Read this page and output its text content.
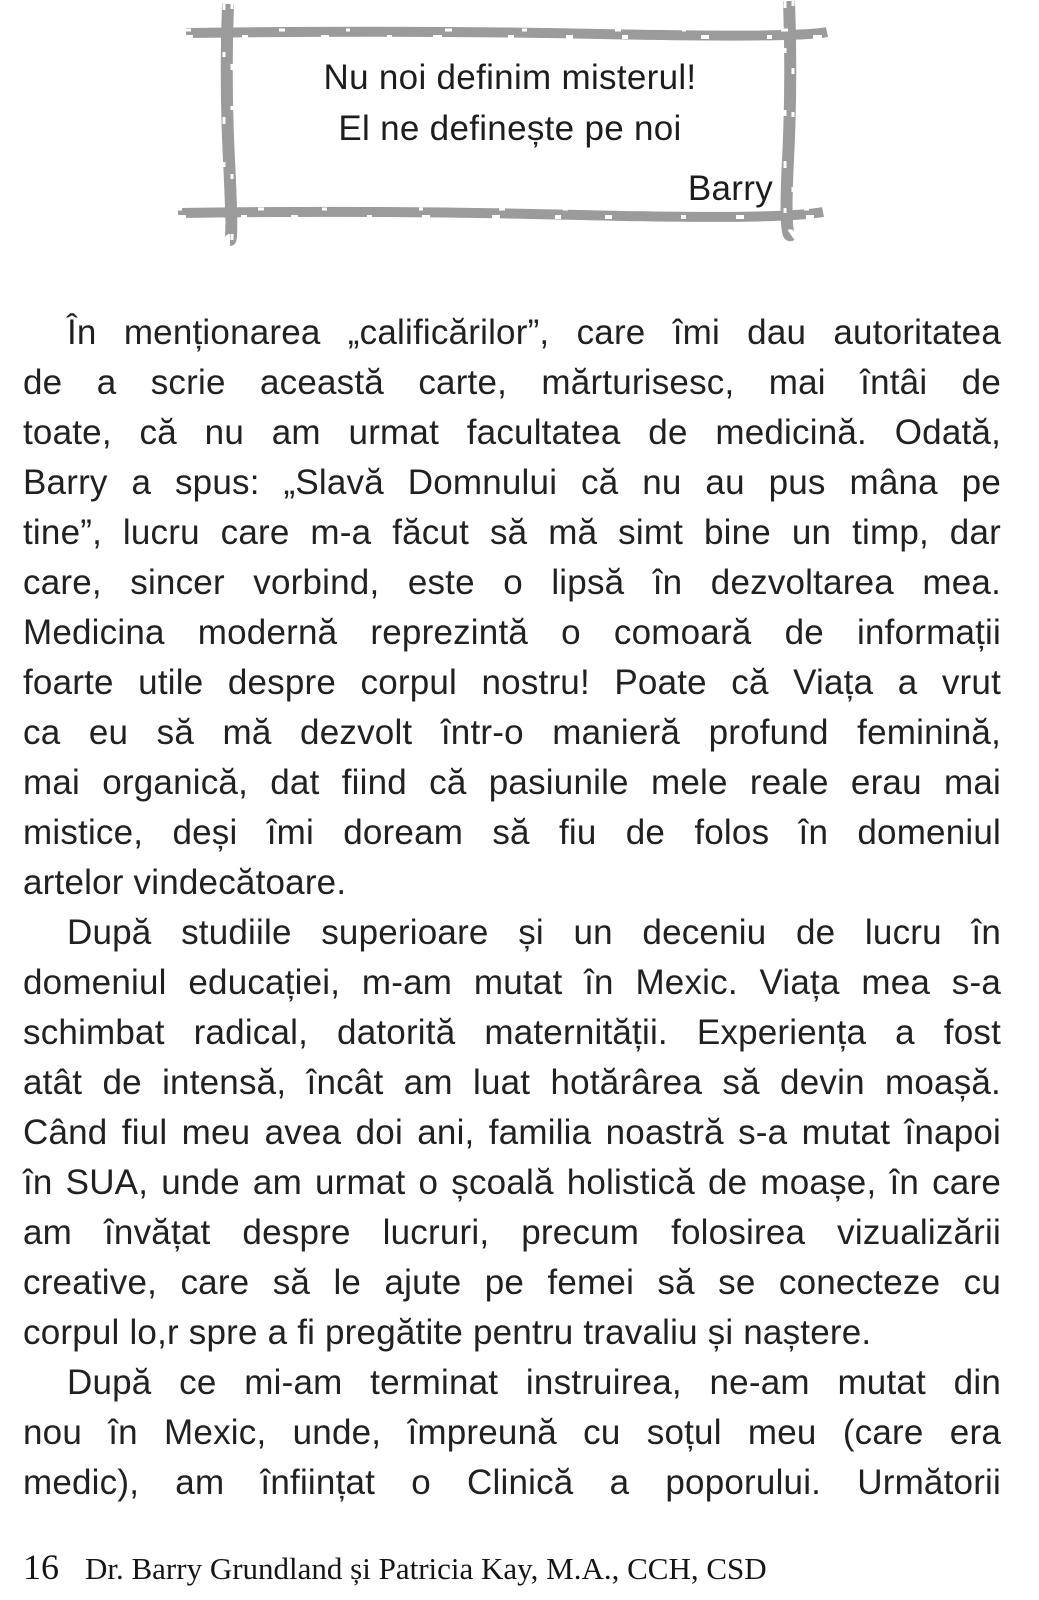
Nu noi definim misterul!
El ne definește pe noi
Barry
În menționarea „calificărilor”, care îmi dau autoritatea
de a scrie această carte, mărturisesc, mai întâi de
toate, că nu am urmat facultatea de medicină. Odată,
Barry a spus: „Slavă Domnului că nu au pus mâna pe
tine”, lucru care m-a făcut să mă simt bine un timp, dar
care, sincer vorbind, este o lipsă în dezvoltarea mea.
Medicina modernă reprezintă o comoară de informații
foarte utile despre corpul nostru! Poate că Viața a vrut
ca eu să mă dezvolt într-o manieră profund feminină,
mai organică, dat fiind că pasiunile mele reale erau mai
mistice, deși îmi doream să fiu de folos în domeniul
artelor vindecătoare.
După studiile superioare și un deceniu de lucru în
domeniul educației, m-am mutat în Mexic. Viața mea s-a
schimbat radical, datorită maternității. Experiența a fost
atât de intensă, încât am luat hotărârea să devin moașă.
Când fiul meu avea doi ani, familia noastră s-a mutat înapoi
în SUA, unde am urmat o școală holistică de moașe, în care
am învățat despre lucruri, precum folosirea vizualizării
creative, care să le ajute pe femei să se conecteze cu
corpul lo,r spre a fi pregătite pentru travaliu și naștere.
După ce mi-am terminat instruirea, ne-am mutat din
nou în Mexic, unde, împreună cu soțul meu (care era
medic), am înființat o Clinică a poporului. Următorii
16 Dr. Barry Grundland și Patricia Kay, M.A., CCH, CSD
